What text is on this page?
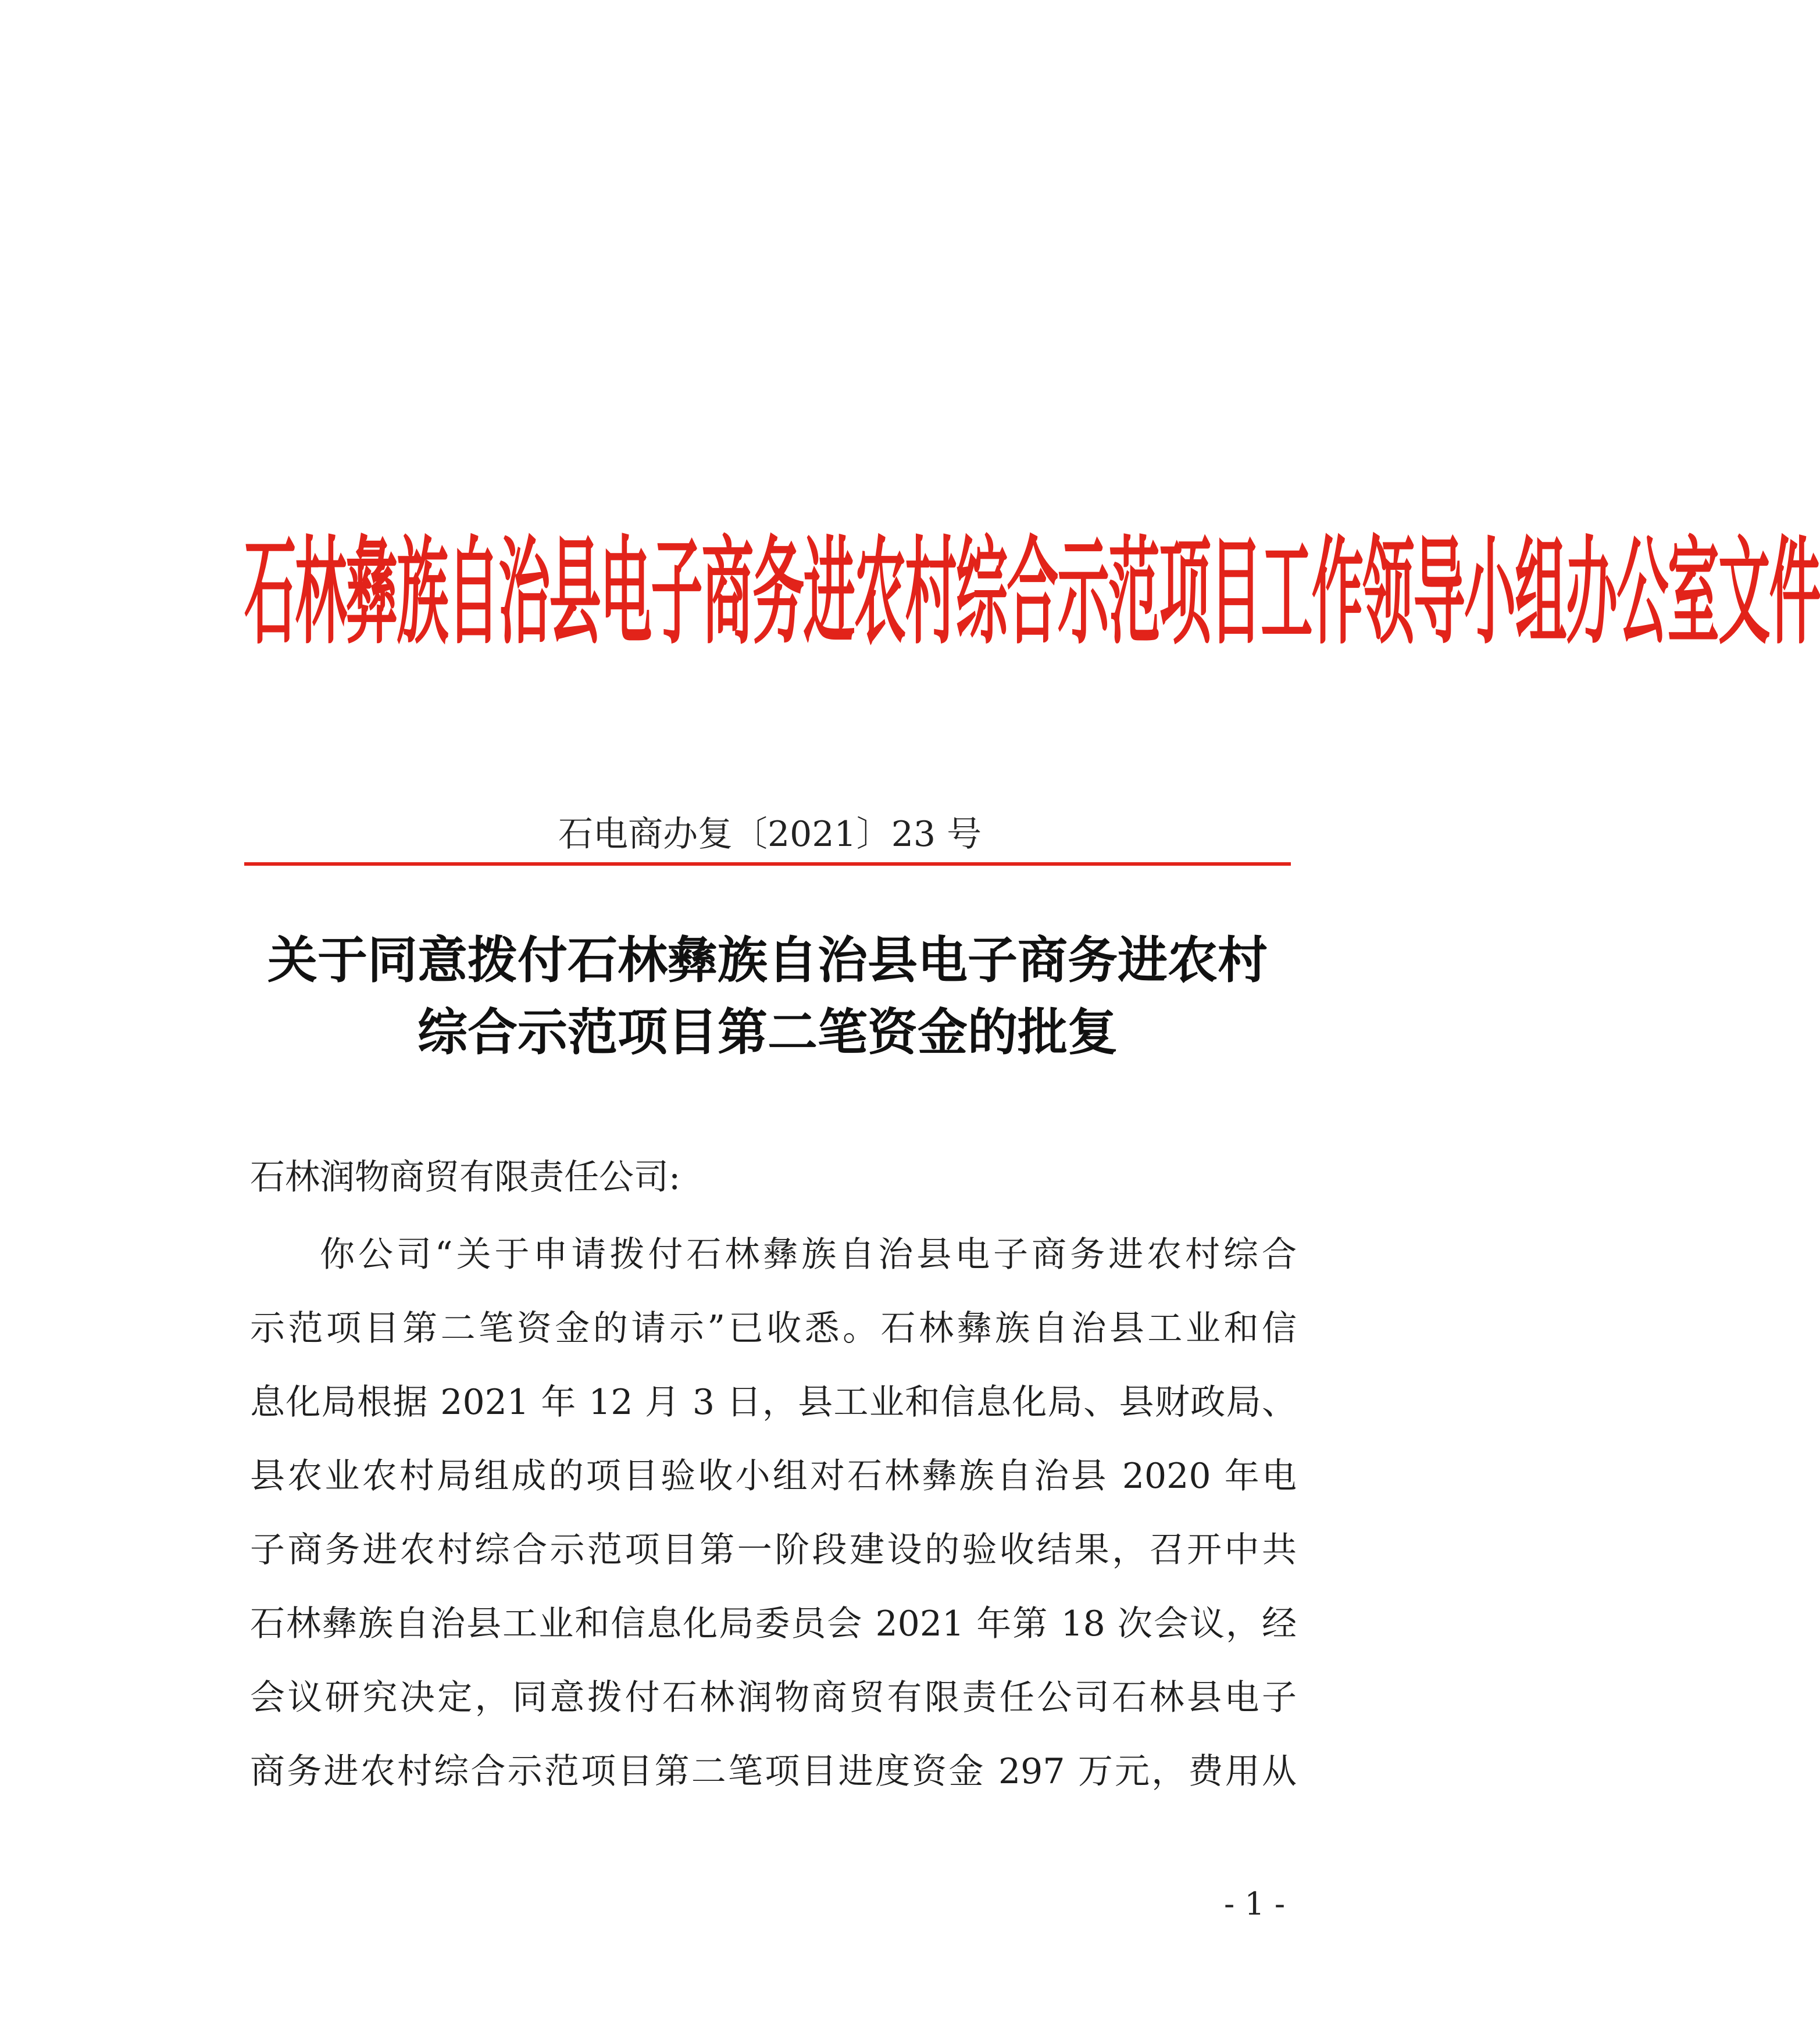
石林彝族自治县电子商务进农村综合示范项目工作领导小组办公室文件
石电商办复〔2021〕23 号
关于同意拨付石林彝族自治县电子商务进农村
综合示范项目第二笔资金的批复
石林润物商贸有限责任公司:
你公司“关于申请拨付石林彝族自治县电子商务进农村综合
示范项目第二笔资金的请示”已收悉。石林彝族自治县工业和信
息化局根据 2021 年 12 月 3 日，县工业和信息化局、县财政局、
县农业农村局组成的项目验收小组对石林彝族自治县 2020 年电
子商务进农村综合示范项目第一阶段建设的验收结果，召开中共
石林彝族自治县工业和信息化局委员会 2021 年第 18 次会议，经
会议研究决定，同意拨付石林润物商贸有限责任公司石林县电子
商务进农村综合示范项目第二笔项目进度资金 297 万元，费用从
- 1 -
